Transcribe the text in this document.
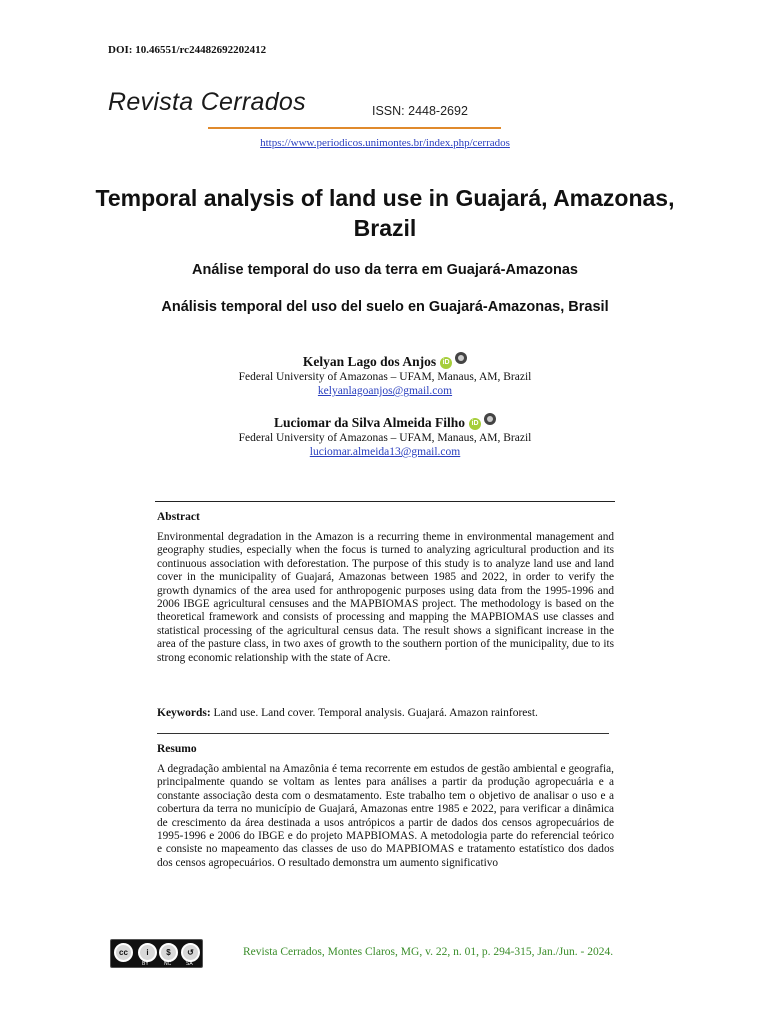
DOI: 10.46551/rc24482692202412
Revista Cerrados	ISSN: 2448-2692
https://www.periodicos.unimontes.br/index.php/cerrados
Temporal analysis of land use in Guajará, Amazonas, Brazil
Análise temporal do uso da terra em Guajará-Amazonas
Análisis temporal del uso del suelo en Guajará-Amazonas, Brasil
Kelyan Lago dos Anjos iD
Federal University of Amazonas – UFAM, Manaus, AM, Brazil
kelyanlagoanjos@gmail.com
Luciomar da Silva Almeida Filho iD
Federal University of Amazonas – UFAM, Manaus, AM, Brazil
luciomar.almeida13@gmail.com
Abstract
Environmental degradation in the Amazon is a recurring theme in environmental management and geography studies, especially when the focus is turned to analyzing agricultural production and its continuous association with deforestation. The purpose of this study is to analyze land use and land cover in the municipality of Guajará, Amazonas between 1985 and 2022, in order to verify the growth dynamics of the area used for anthropogenic purposes using data from the 1995-1996 and 2006 IBGE agricultural censuses and the MAPBIOMAS project. The methodology is based on the theoretical framework and consists of processing and mapping the MAPBIOMAS use classes and statistical processing of the agricultural census data. The result shows a significant increase in the area of the pasture class, in two axes of growth to the southern portion of the municipality, due to its strong economic relationship with the state of Acre.
Keywords: Land use. Land cover. Temporal analysis. Guajará. Amazon rainforest.
Resumo
A degradação ambiental na Amazônia é tema recorrente em estudos de gestão ambiental e geografia, principalmente quando se voltam as lentes para análises a partir da produção agropecuária e a constante associação desta com o desmatamento. Este trabalho tem o objetivo de analisar o uso e a cobertura da terra no município de Guajará, Amazonas entre 1985 e 2022, para verificar a dinâmica de crescimento da área destinada a usos antrópicos a partir de dados dos censos agropecuários de 1995-1996 e 2006 do IBGE e do projeto MAPBIOMAS. A metodologia parte do referencial teórico e consiste no mapeamento das classes de uso do MAPBIOMAS e tratamento estatístico dos dados dos censos agropecuários. O resultado demonstra um aumento significativo
cc	i	$	↺
BY	NC	SA
Revista Cerrados, Montes Claros, MG, v. 22, n. 01, p. 294-315, Jan./Jun. - 2024.
